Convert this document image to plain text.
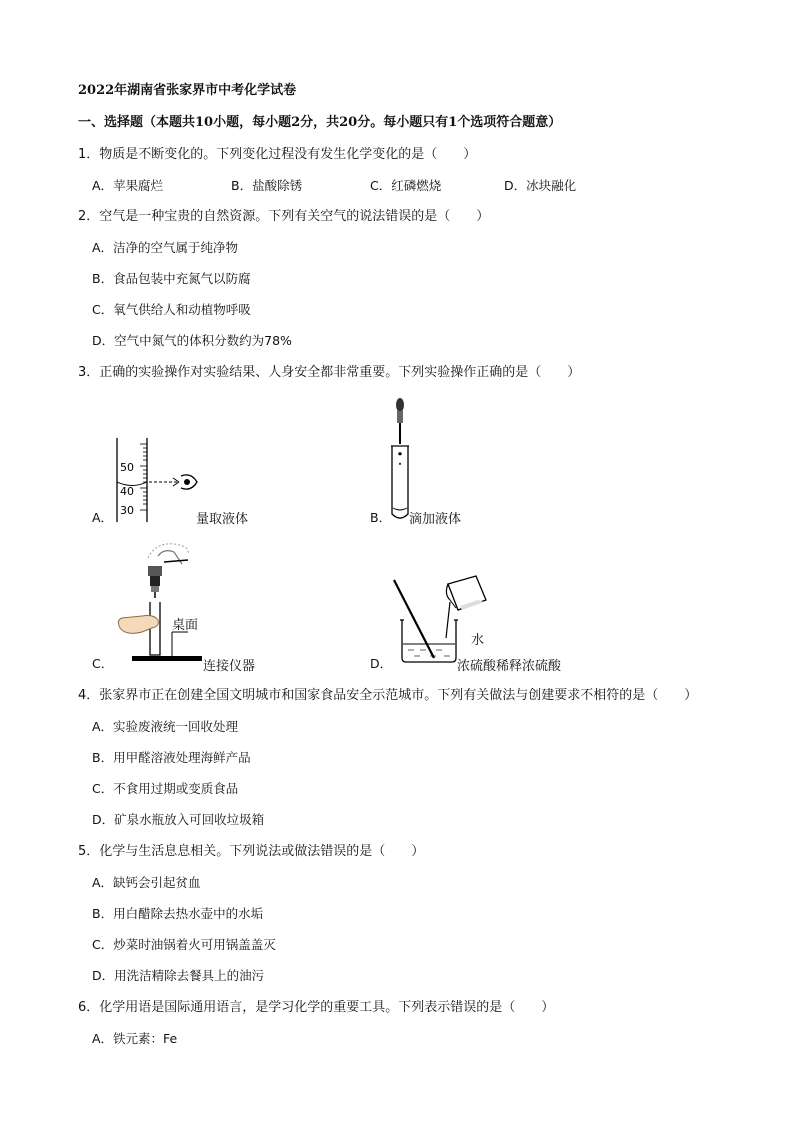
2022年湖南省张家界市中考化学试卷
一、选择题（本题共10小题，每小题2分，共20分。每小题只有1个选项符合题意）
1．物质是不断变化的。下列变化过程没有发生化学变化的是（　　）
A．苹果腐烂	B．盐酸除锈	C．红磷燃烧	D．冰块融化
2．空气是一种宝贵的自然资源。下列有关空气的说法错误的是（　　）
A．洁净的空气属于纯净物
B．食品包装中充氮气以防腐
C．氧气供给人和动植物呼吸
D．空气中氮气的体积分数约为78%
3．正确的实验操作对实验结果、人身安全都非常重要。下列实验操作正确的是（　　）
A．
50
40
30
量取液体	B． 滴加液体
C．
桌面
连接仪器	D．
水
浓硫酸稀释浓硫酸
4．张家界市正在创建全国文明城市和国家食品安全示范城市。下列有关做法与创建要求不相符的是（　　）
A．实验废液统一回收处理
B．用甲醛溶液处理海鲜产品
C．不食用过期或变质食品
D．矿泉水瓶放入可回收垃圾箱
5．化学与生活息息相关。下列说法或做法错误的是（　　）
A．缺钙会引起贫血
B．用白醋除去热水壶中的水垢
C．炒菜时油锅着火可用锅盖盖灭
D．用洗洁精除去餐具上的油污
6．化学用语是国际通用语言，是学习化学的重要工具。下列表示错误的是（　　）
A．铁元素：Fe
